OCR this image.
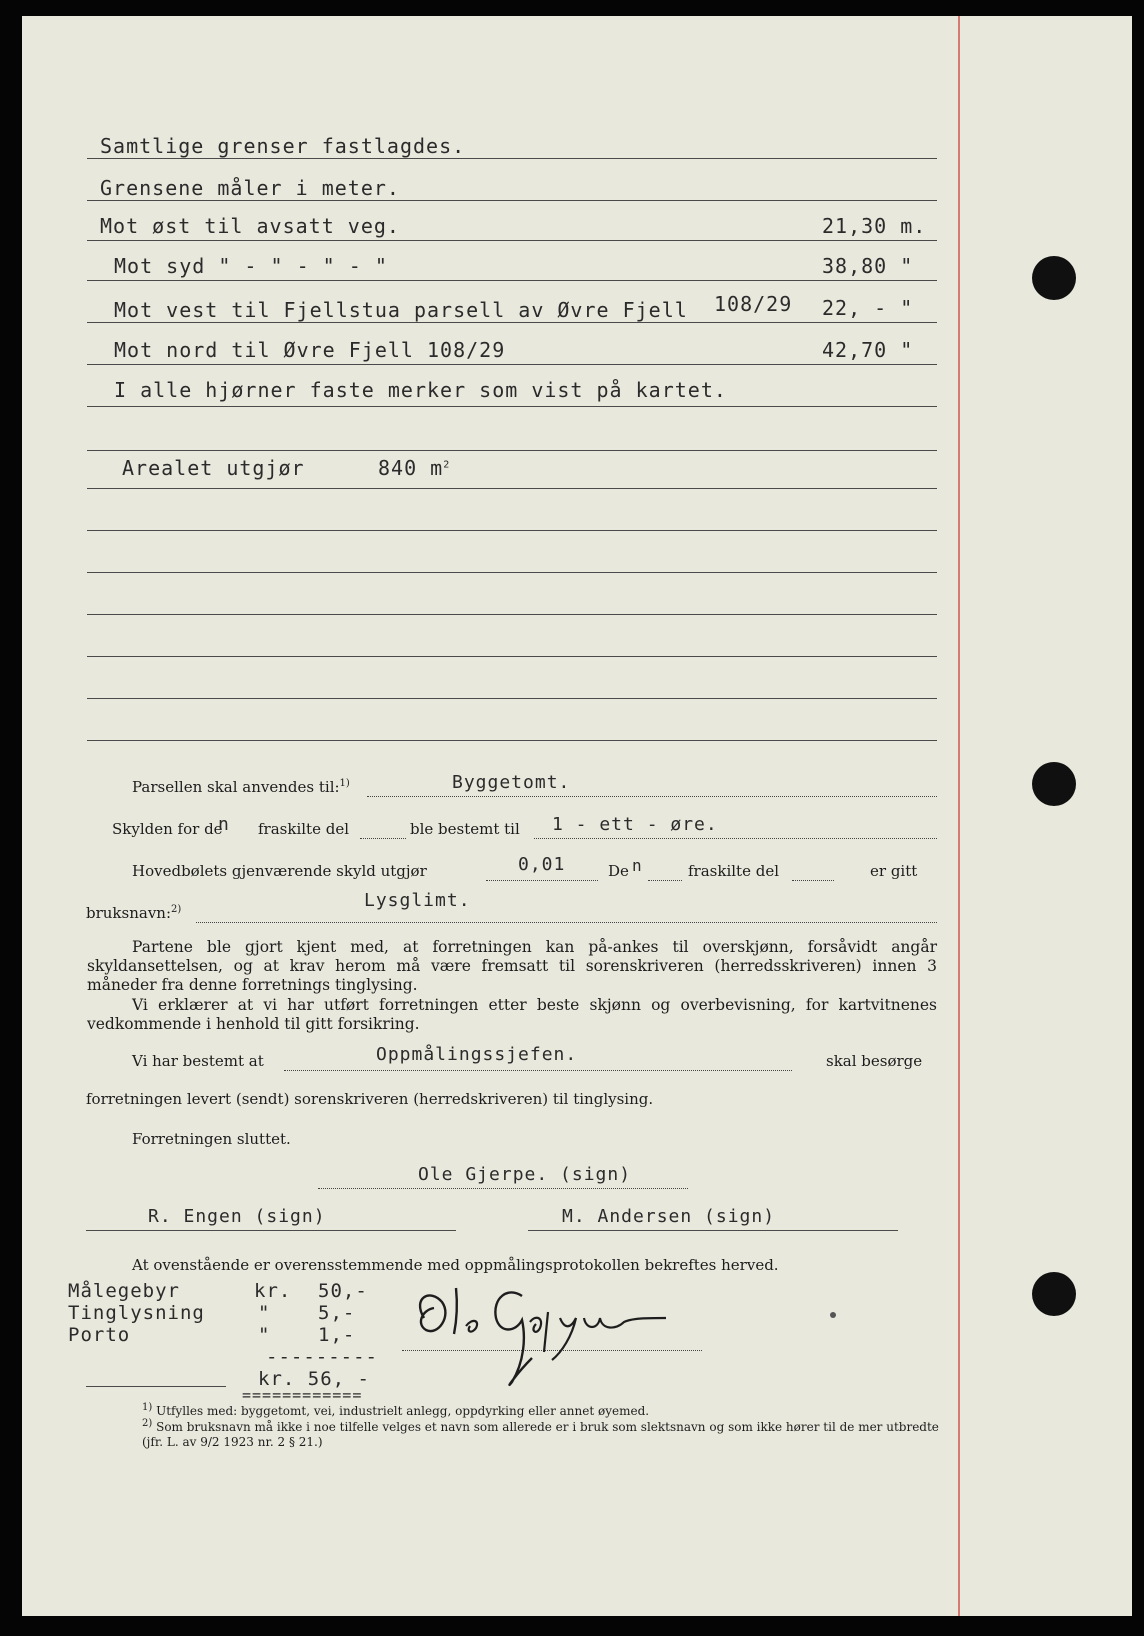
Samtlige grenser fastlagdes.
Grensene måler i meter.
Mot øst til avsatt veg.	21,30 m.
Mot syd " - " - " - "	38,80 "
Mot vest til Fjellstua parsell av Øvre Fjell 108/29 22, - "
Mot nord til Øvre Fjell 108/29	42,70 "
I alle hjørner faste merker som vist på kartet.
Arealet utgjør	840 $m^2$
Parsellen skal anvendes til:$^{1)}$	Byggetomt.
Skylden for de
n fraskilte del	ble bestemt til 1 - ett - øre.
Hovedbølets gjenværende skyld utgjør	0,01	De n	fraskilte del	er gitt
bruksnavn:$^{2)}$	Lysglimt.
Partene ble gjort kjent med, at forretningen kan på-ankes til overskjønn, forsåvidt angår skyldansettelsen, og at krav herom må være fremsatt til sorenskriveren (herredsskriveren) innen 3 måneder fra denne forretnings tinglysing.
Vi erklærer at vi har utført forretningen etter beste skjønn og overbevisning, for kartvitnenes vedkommende i henhold til gitt forsikring.
Vi har bestemt at	Oppmålingssjefen.	skal besørge
forretningen levert (sendt) sorenskriveren (herredskriveren) til tinglysing.
Forretningen sluttet.
Ole Gjerpe. (sign)
R. Engen (sign)	M. Andersen (sign)
At ovenstående er overensstemmende med oppmålingsprotokollen bekreftes herved.
Målegebyr	kr. 50,-
Tinglysning	"	5,-
Porto	"	1,-
---------
kr. 56, -
============
$^{1)}$ Utfylles med: byggetomt, vei, industrielt anlegg, oppdyrking eller annet øyemed.
$^{2)}$ Som bruksnavn må ikke i noe tilfelle velges et navn som allerede er i bruk som slektsnavn og som ikke hører til de mer utbredte (jfr. L. av 9/2 1923 nr. 2 § 21.)
